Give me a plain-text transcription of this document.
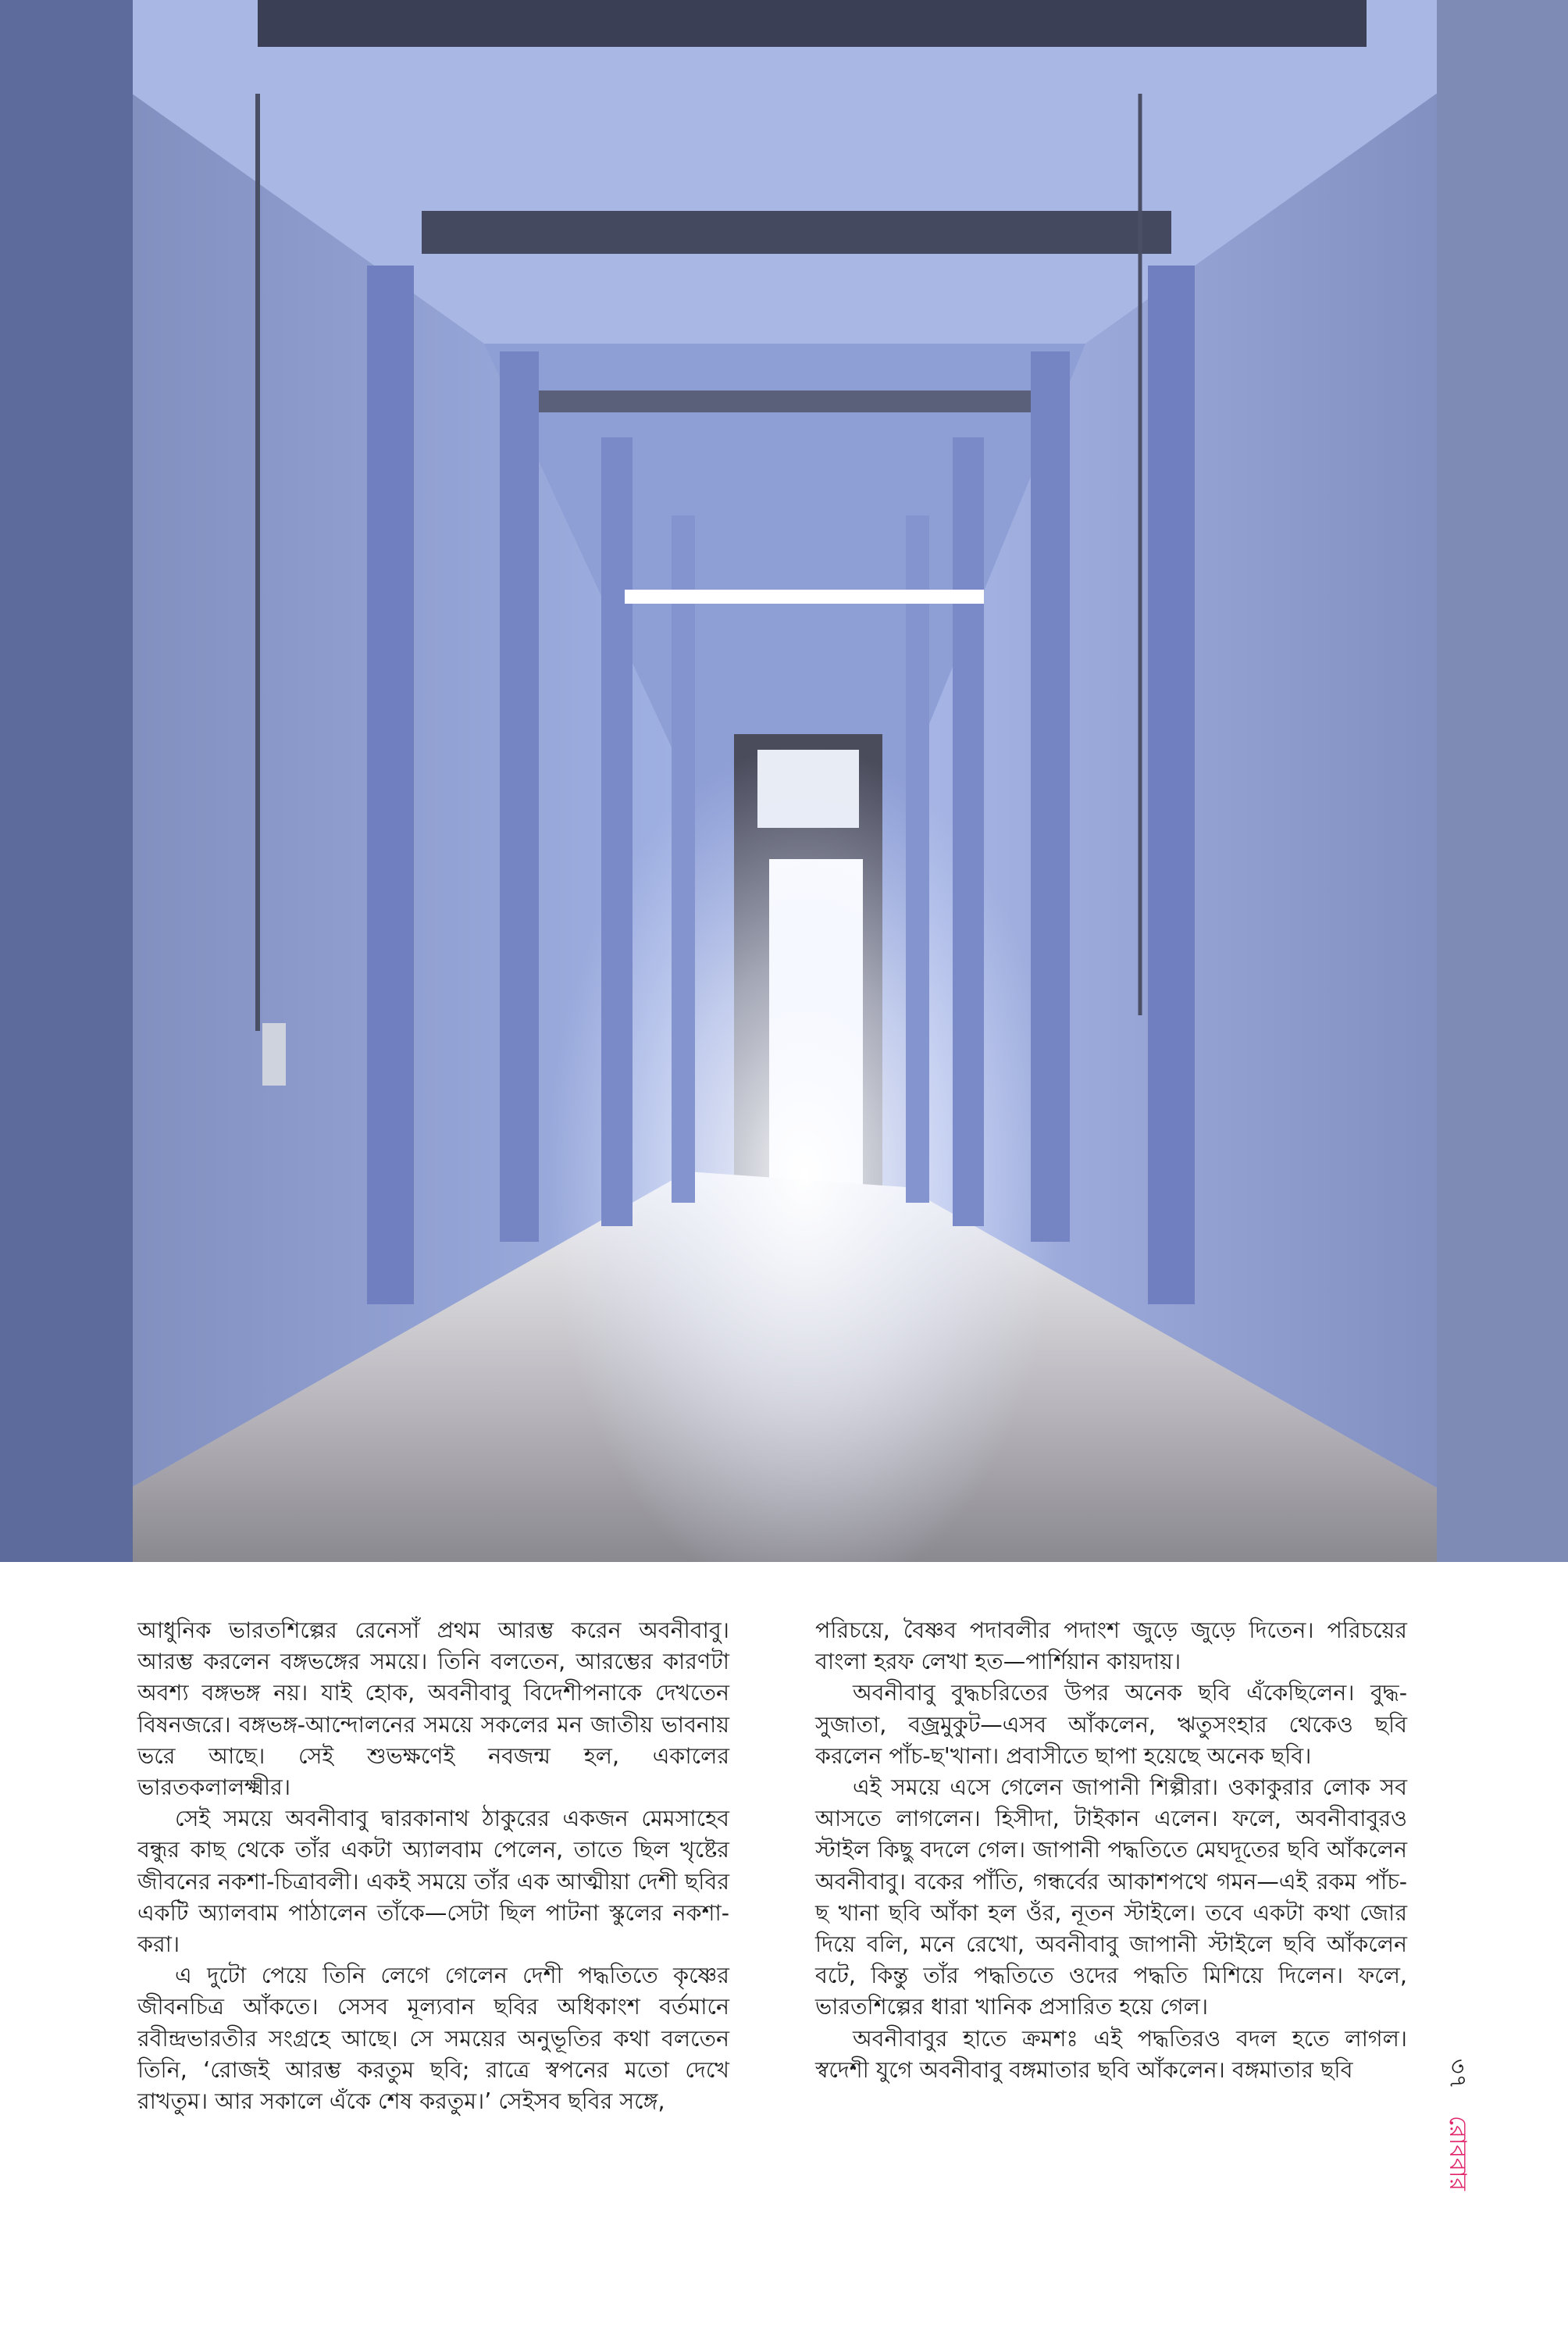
আধুনিক ভারতশিল্পের রেনেসাঁ প্রথম আরম্ভ করেন অবনীবাবু। আরম্ভ করলেন বঙ্গভঙ্গের সময়ে। তিনি বলতেন, আরম্ভের কারণটা অবশ্য বঙ্গভঙ্গ নয়। যাই হোক, অবনীবাবু বিদেশীপনাকে দেখতেন বিষনজরে। বঙ্গভঙ্গ-আন্দোলনের সময়ে সকলের মন জাতীয় ভাবনায় ভরে আছে। সেই শুভক্ষণেই নবজন্ম হল, একালের ভারতকলালক্ষ্মীর।

সেই সময়ে অবনীবাবু দ্বারকানাথ ঠাকুরের একজন মেমসাহেব বন্ধুর কাছ থেকে তাঁর একটা অ্যালবাম পেলেন, তাতে ছিল খৃষ্টের জীবনের নকশা-চিত্রাবলী। একই সময়ে তাঁর এক আত্মীয়া দেশী ছবির একটি অ্যালবাম পাঠালেন তাঁকে—সেটা ছিল পাটনা স্কুলের নকশা-করা।

এ দুটো পেয়ে তিনি লেগে গেলেন দেশী পদ্ধতিতে কৃষ্ণের জীবনচিত্র আঁকতে। সেসব মূল্যবান ছবির অধিকাংশ বর্তমানে রবীন্দ্রভারতীর সংগ্রহে আছে। সে সময়ের অনুভূতির কথা বলতেন তিনি, ‘রোজই আরম্ভ করতুম ছবি; রাত্রে স্বপনের মতো দেখে রাখতুম। আর সকালে এঁকে শেষ করতুম।’ সেইসব ছবির সঙ্গে,

পরিচয়ে, বৈষ্ণব পদাবলীর পদাংশ জুড়ে জুড়ে দিতেন। পরিচয়ের বাংলা হরফ লেখা হত—পার্শিয়ান কায়দায়।

অবনীবাবু বুদ্ধচরিতের উপর অনেক ছবি এঁকেছিলেন। বুদ্ধ-সুজাতা, বজ্রমুকুট—এসব আঁকলেন, ঋতুসংহার থেকেও ছবি করলেন পাঁচ-ছ'খানা। প্রবাসীতে ছাপা হয়েছে অনেক ছবি।

এই সময়ে এসে গেলেন জাপানী শিল্পীরা। ওকাকুরার লোক সব আসতে লাগলেন। হিসীদা, টাইকান এলেন। ফলে, অবনীবাবুরও স্টাইল কিছু বদলে গেল। জাপানী পদ্ধতিতে মেঘদূতের ছবি আঁকলেন অবনীবাবু। বকের পাঁতি, গন্ধর্বের আকাশপথে গমন—এই রকম পাঁচ-ছ খানা ছবি আঁকা হল ওঁর, নূতন স্টাইলে। তবে একটা কথা জোর দিয়ে বলি, মনে রেখো, অবনীবাবু জাপানী স্টাইলে ছবি আঁকলেন বটে, কিন্তু তাঁর পদ্ধতিতে ওদের পদ্ধতি মিশিয়ে দিলেন। ফলে, ভারতশিল্পের ধারা খানিক প্রসারিত হয়ে গেল।

অবনীবাবুর হাতে ক্রমশঃ এই পদ্ধতিরও বদল হতে লাগল। স্বদেশী যুগে অবনীবাবু বঙ্গমাতার ছবি আঁকলেন। বঙ্গমাতার ছবি	৩৭রোববার
